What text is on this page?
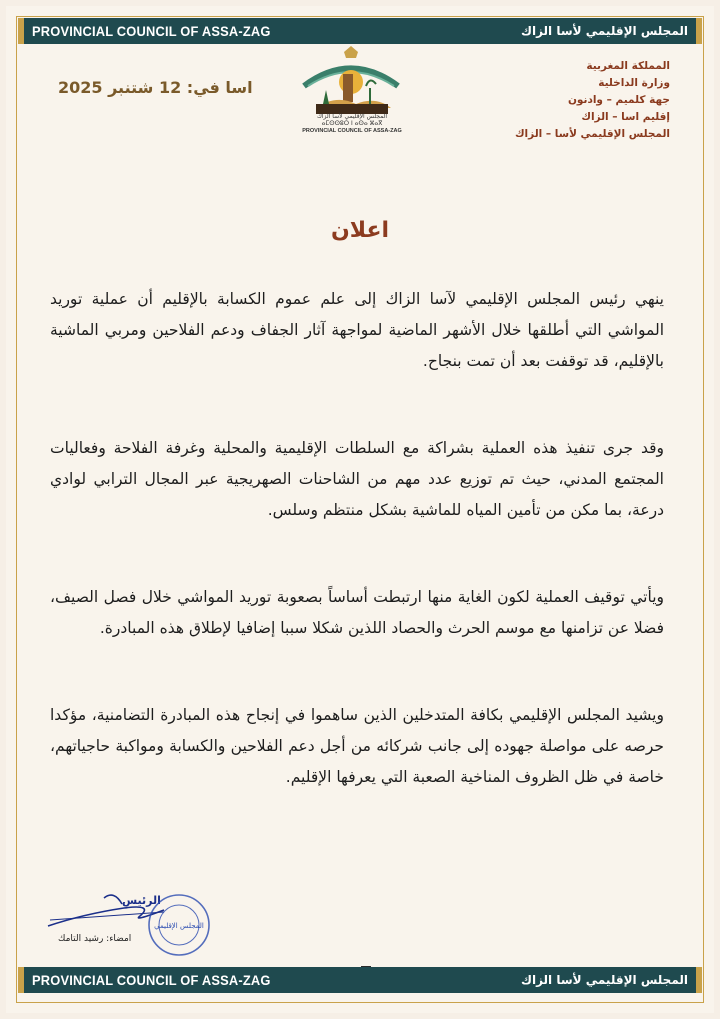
PROVINCIAL COUNCIL OF ASSA-ZAG	المجلس الإقليمي لأسا الزاك
اسا في: 12 شتنبر 2025
المجلس الإقليمي لأسا الزاك
ⴰⵎⵙⵙⵓⵔ ⵏ ⴰⵙⴰ ⵣⴰⴳ
PROVINCIAL COUNCIL OF ASSA-ZAG
المملكة المغربية
وزارة الداخلية
جهة كلميم – وادنون
إقليم اسا – الزاك
المجلس الإقليمي لأسا – الزاك
اعلان

ينهي رئيس المجلس الإقليمي لآسا الزاك إلى علم عموم الكسابة بالإقليم أن عملية توريد المواشي التي أطلقها خلال الأشهر الماضية لمواجهة آثار الجفاف ودعم الفلاحين ومربي الماشية بالإقليم، قد توقفت بعد أن تمت بنجاح.

وقد جرى تنفيذ هذه العملية بشراكة مع السلطات الإقليمية والمحلية وغرفة الفلاحة وفعاليات المجتمع المدني، حيث تم توزيع عدد مهم من الشاحنات الصهريجية عبر المجال الترابي لوادي درعة، بما مكن من تأمين المياه للماشية بشكل منتظم وسلس.

ويأتي توقيف العملية لكون الغاية منها ارتبطت أساساً بصعوبة توريد المواشي خلال فصل الصيف، فضلا عن تزامنها مع موسم الحرث والحصاد اللذين شكلا سببا إضافيا لإطلاق هذه المبادرة.

ويشيد المجلس الإقليمي بكافة المتدخلين الذين ساهموا في إنجاح هذه المبادرة التضامنية، مؤكدا حرصه على مواصلة جهوده إلى جانب شركائه من أجل دعم الفلاحين والكسابة ومواكبة حاجياتهم، خاصة في ظل الظروف المناخية الصعبة التي يعرفها الإقليم.

الرئيس
امضاء: رشيد التامك
المجلس الإقليمي
PROVINCIAL COUNCIL OF ASSA-ZAG	المجلس الإقليمي لأسا الزاك
